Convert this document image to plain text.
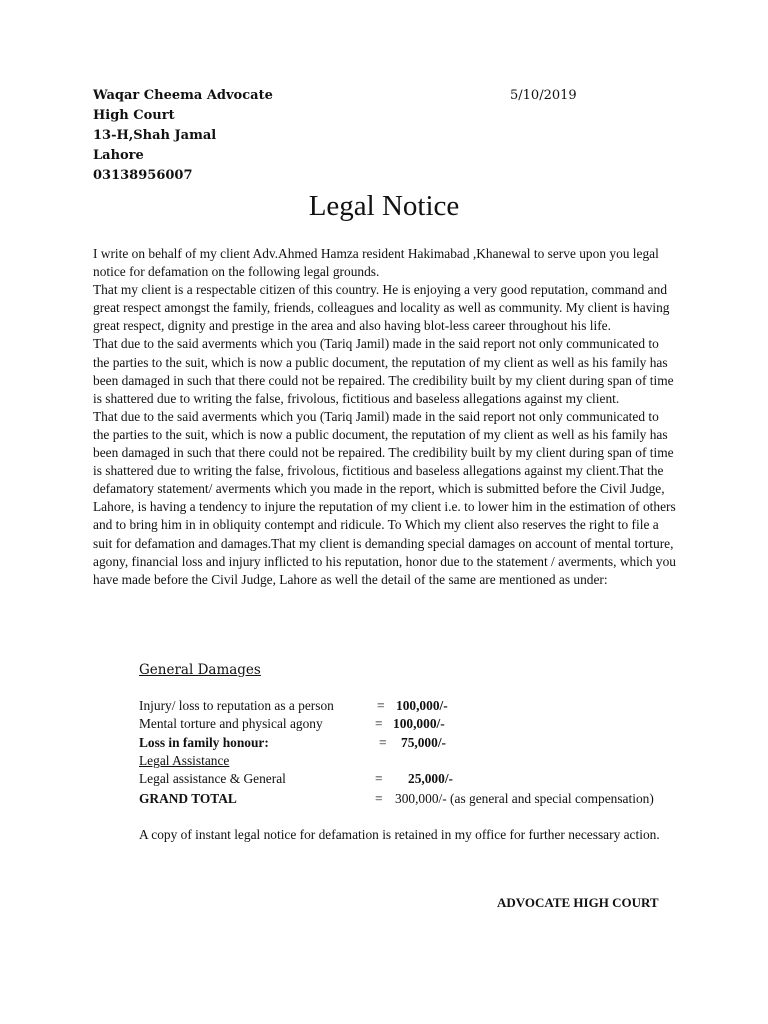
Waqar Cheema Advocate
High Court
13-H,Shah Jamal
Lahore
03138956007
5/10/2019
Legal Notice

I write on behalf of my client Adv.Ahmed Hamza resident Hakimabad ,Khanewal to serve upon you legal notice for defamation on the following legal grounds.

That my client is a respectable citizen of this country. He is enjoying a very good reputation, command and great respect amongst the family, friends, colleagues and locality as well as community. My client is having great respect, dignity and prestige in the area and also having blot-less career throughout his life.

That due to the said averments which you (Tariq Jamil) made in the said report not only communicated to the parties to the suit, which is now a public document, the reputation of my client as well as his family has been damaged in such that there could not be repaired. The credibility built by my client during span of time is shattered due to writing the false, frivolous, fictitious and baseless allegations against my client.

That due to the said averments which you (Tariq Jamil) made in the said report not only communicated to the parties to the suit, which is now a public document, the reputation of my client as well as his family has been damaged in such that there could not be repaired. The credibility built by my client during span of time is shattered due to writing the false, frivolous, fictitious and baseless allegations against my client.That the defamatory statement/ averments which you made in the report, which is submitted before the Civil Judge, Lahore, is having a tendency to injure the reputation of my client i.e. to lower him in the estimation of others and to bring him in in obliquity contempt and ridicule. To Which my client also reserves the right to file a suit for defamation and damages.That my client is demanding special damages on account of mental torture, agony, financial loss and injury inflicted to his reputation, honor due to the statement / averments, which you have made before the Civil Judge, Lahore as well the detail of the same are mentioned as under:

General Damages
Injury/ loss to reputation as a person	= 100,000/-
Mental torture and physical agony	= 100,000/-
Loss in family honour:	= 75,000/-
Legal Assistance
Legal assistance & General	= 25,000/-
GRAND TOTAL	= 300,000/- (as general and special compensation)
A copy of instant legal notice for defamation is retained in my office for further necessary action.
ADVOCATE HIGH COURT
